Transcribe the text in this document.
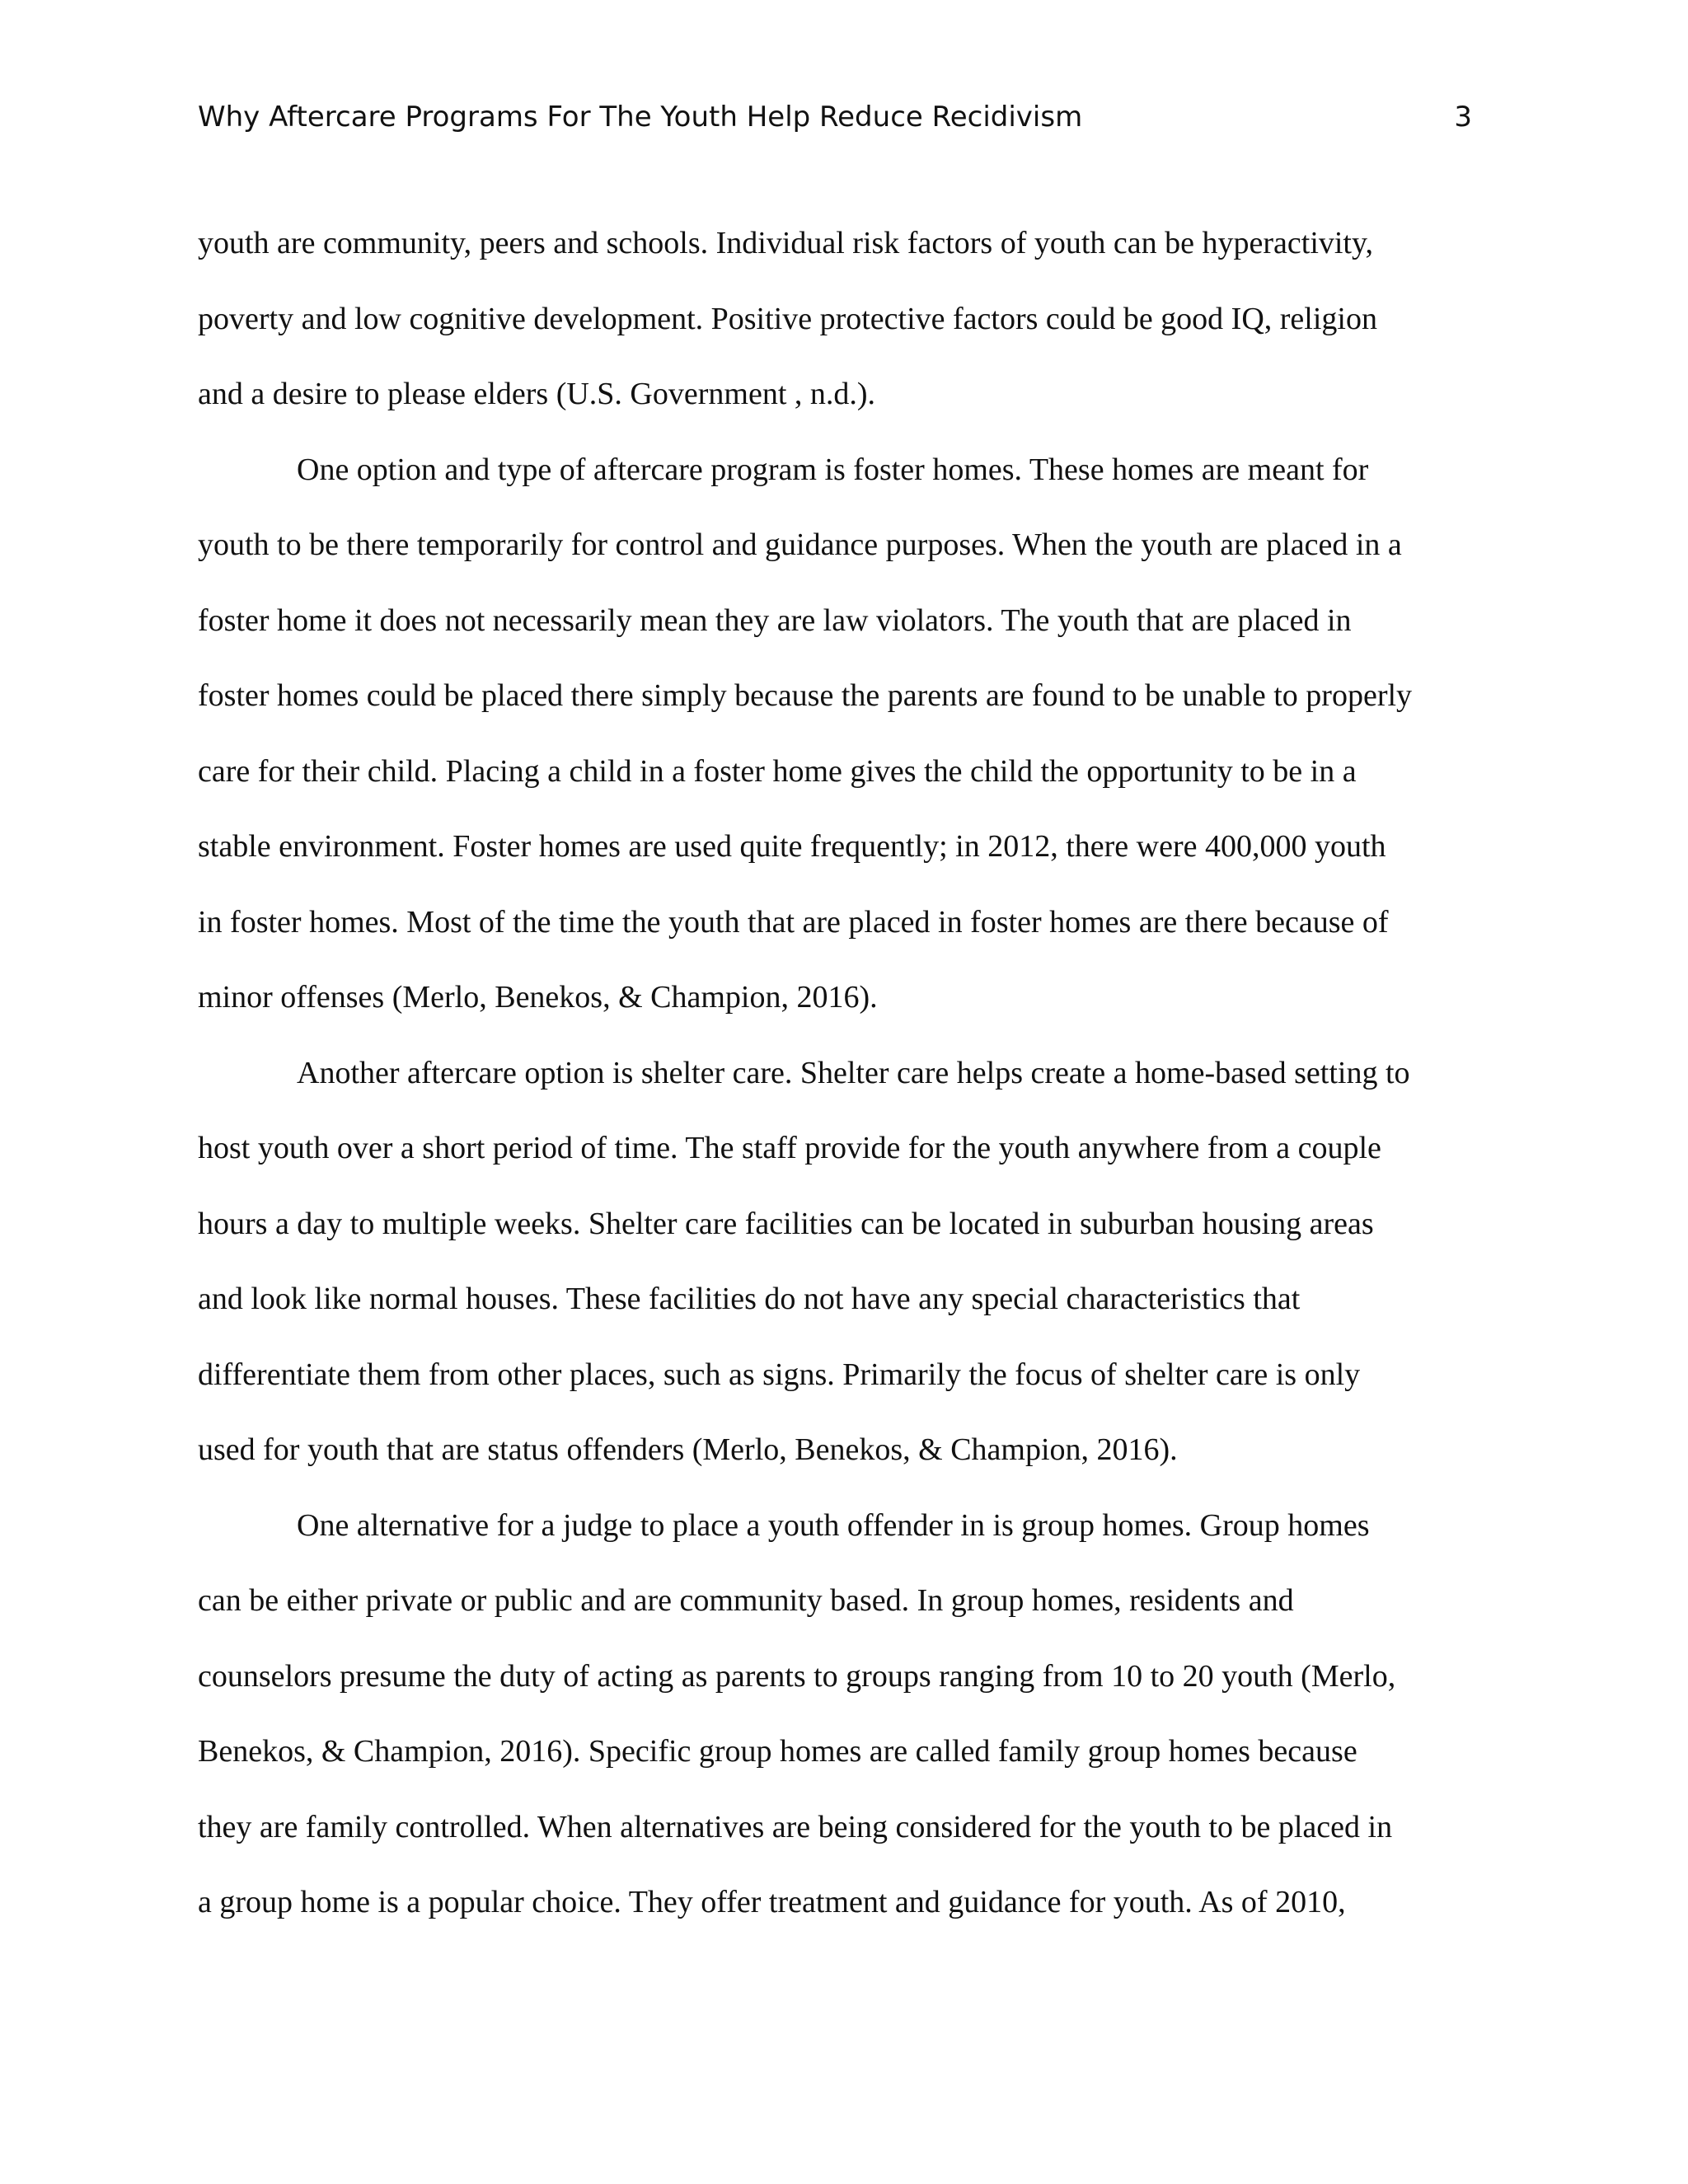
Why Aftercare Programs For The Youth Help Reduce Recidivism	3
youth are community, peers and schools. Individual risk factors of youth can be hyperactivity,
poverty and low cognitive development. Positive protective factors could be good IQ, religion
and a desire to please elders (U.S. Government , n.d.).
One option and type of aftercare program is foster homes. These homes are meant for
youth to be there temporarily for control and guidance purposes. When the youth are placed in a
foster home it does not necessarily mean they are law violators. The youth that are placed in
foster homes could be placed there simply because the parents are found to be unable to properly
care for their child. Placing a child in a foster home gives the child the opportunity to be in a
stable environment. Foster homes are used quite frequently; in 2012, there were 400,000 youth
in foster homes. Most of the time the youth that are placed in foster homes are there because of
minor offenses (Merlo, Benekos, & Champion, 2016).
Another aftercare option is shelter care. Shelter care helps create a home-based setting to
host youth over a short period of time. The staff provide for the youth anywhere from a couple
hours a day to multiple weeks. Shelter care facilities can be located in suburban housing areas
and look like normal houses. These facilities do not have any special characteristics that
differentiate them from other places, such as signs. Primarily the focus of shelter care is only
used for youth that are status offenders (Merlo, Benekos, & Champion, 2016).
One alternative for a judge to place a youth offender in is group homes. Group homes
can be either private or public and are community based. In group homes, residents and
counselors presume the duty of acting as parents to groups ranging from 10 to 20 youth (Merlo,
Benekos, & Champion, 2016). Specific group homes are called family group homes because
they are family controlled. When alternatives are being considered for the youth to be placed in
a group home is a popular choice. They offer treatment and guidance for youth. As of 2010,
